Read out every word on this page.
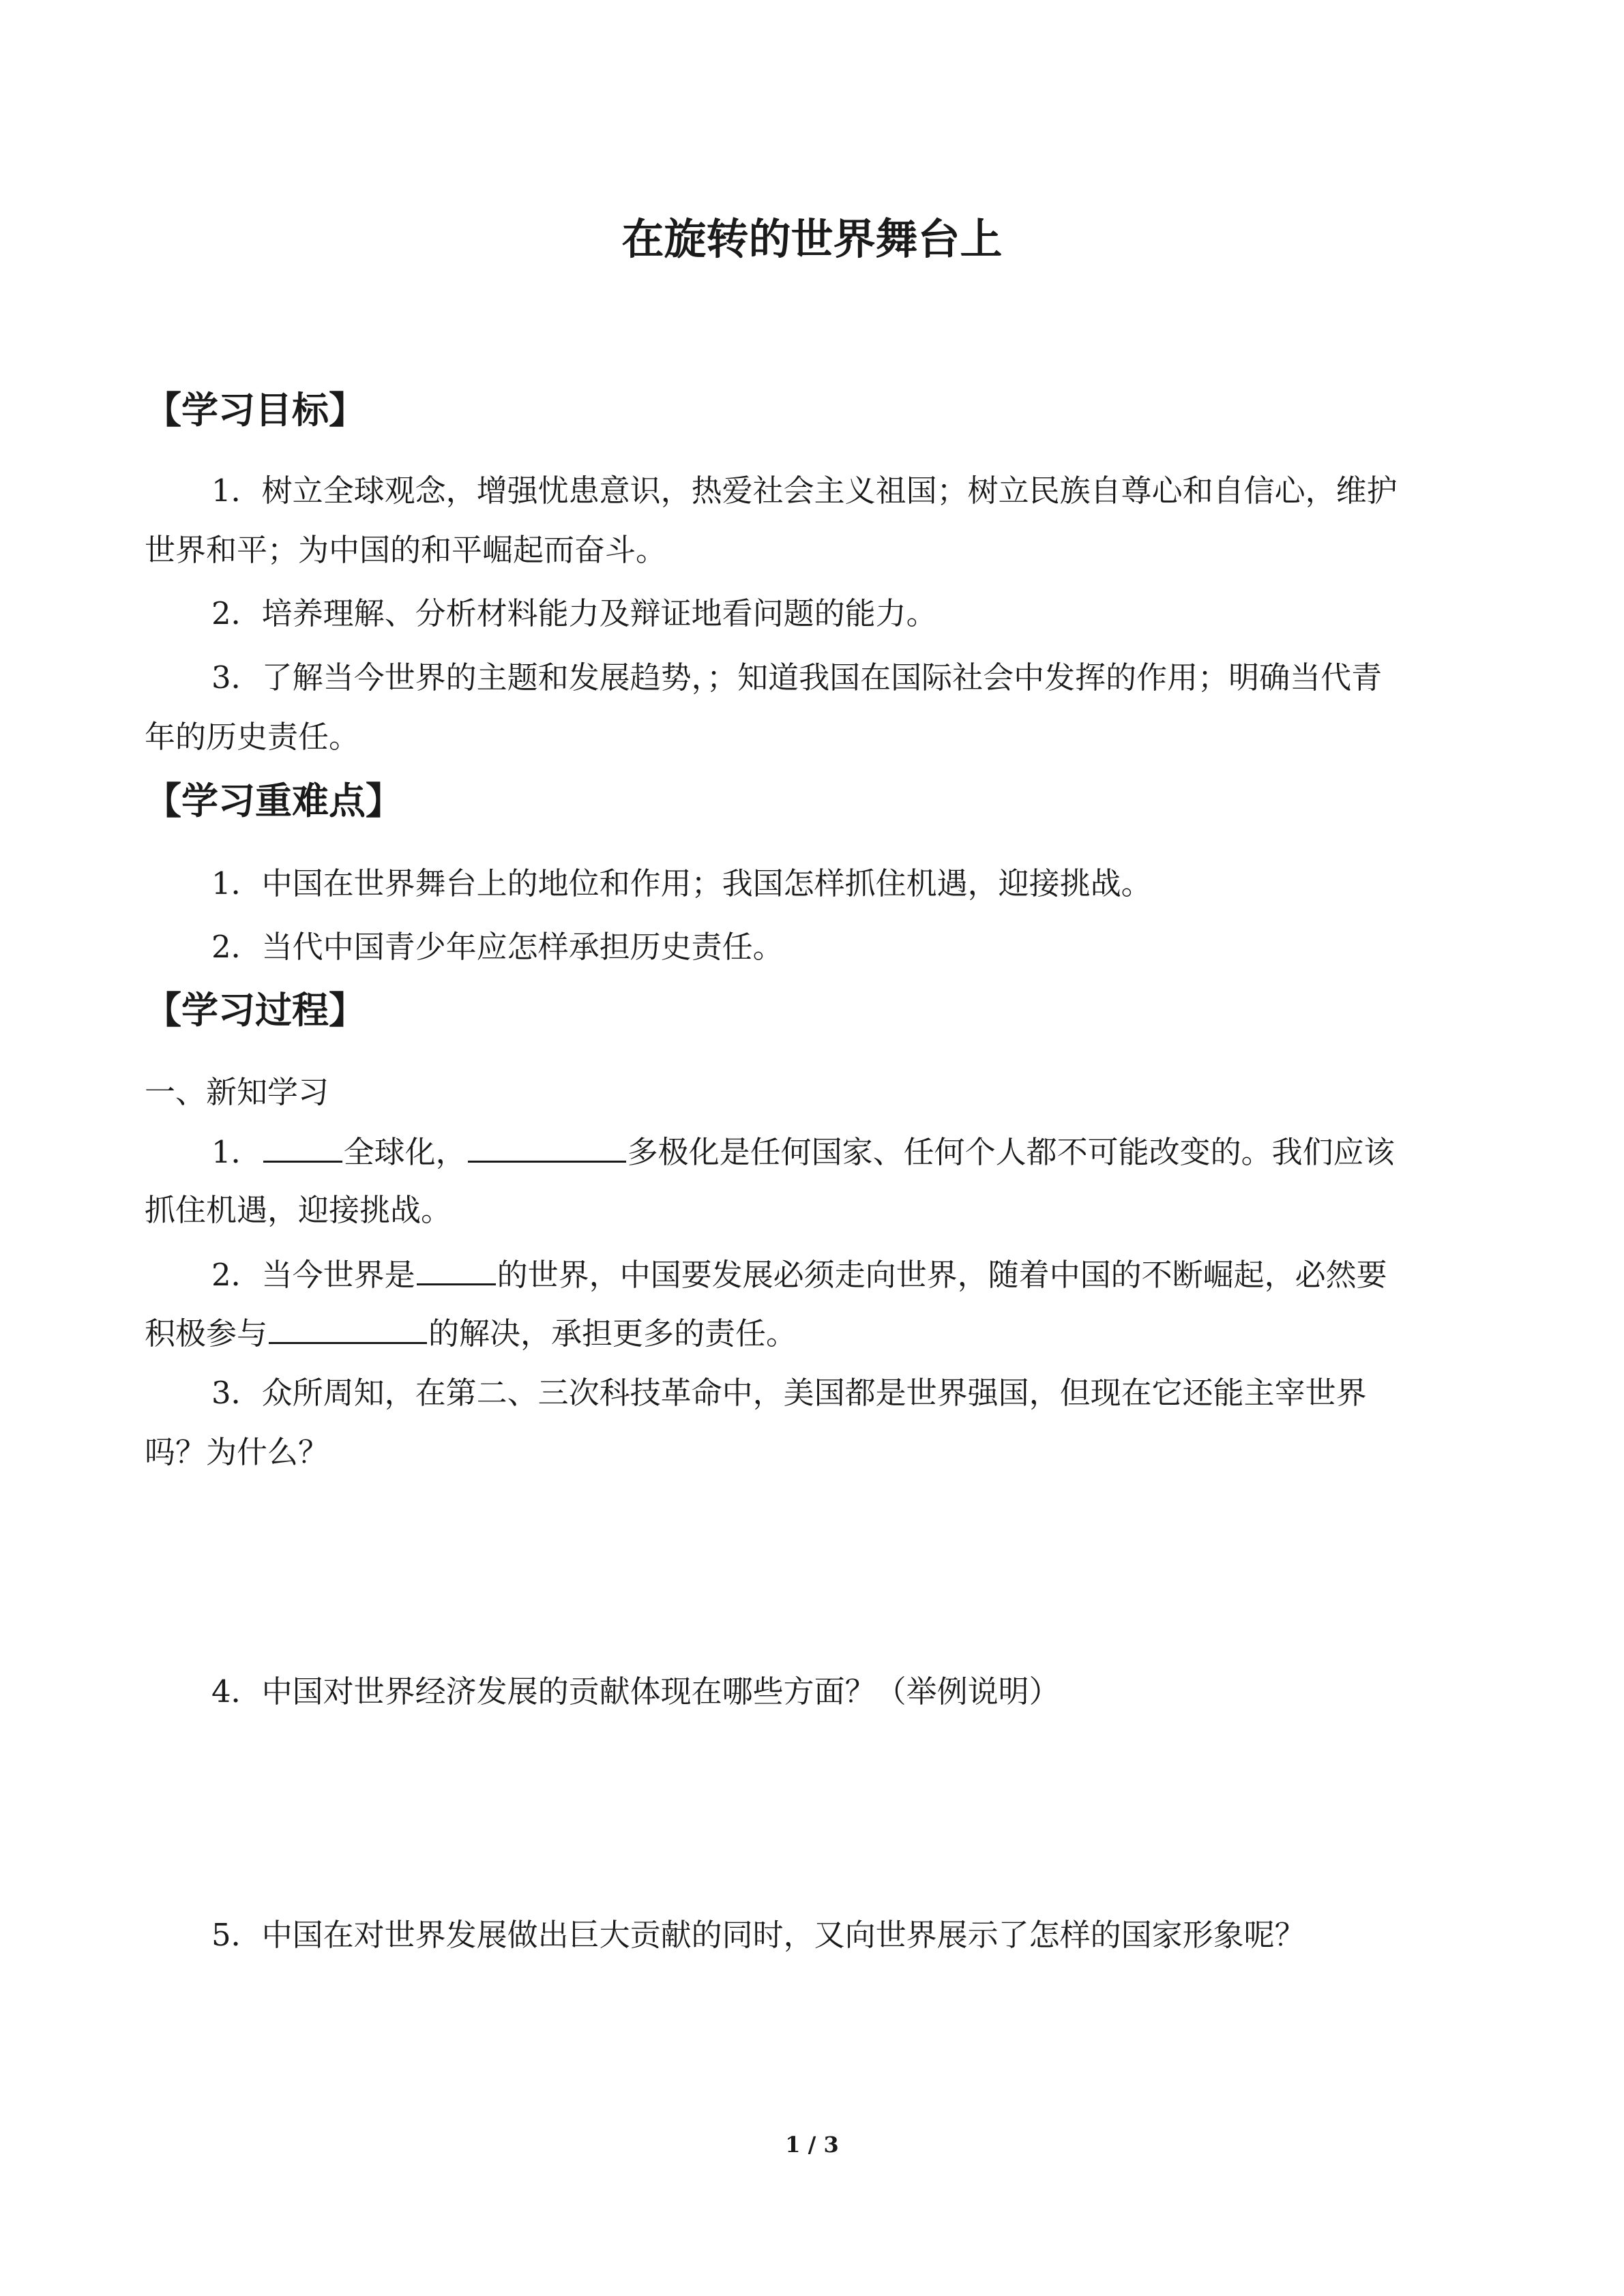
在旋转的世界舞台上
【学习目标】
1．树立全球观念，增强忧患意识，热爱社会主义祖国；树立民族自尊心和自信心，维护
世界和平；为中国的和平崛起而奋斗。
2．培养理解、分析材料能力及辩证地看问题的能力。
3．了解当今世界的主题和发展趋势，；知道我国在国际社会中发挥的作用；明确当代青
年的历史责任。
【学习重难点】
1．中国在世界舞台上的地位和作用；我国怎样抓住机遇，迎接挑战。
2．当代中国青少年应怎样承担历史责任。
【学习过程】
一、新知学习
1．	全球化，	多极化是任何国家、任何个人都不可能改变的。我们应该
抓住机遇，迎接挑战。
2．当今世界是	的世界，中国要发展必须走向世界，随着中国的不断崛起，必然要
积极参与	的解决，承担更多的责任。
3．众所周知，在第二、三次科技革命中，美国都是世界强国，但现在它还能主宰世界
吗？为什么？
4．中国对世界经济发展的贡献体现在哪些方面？（举例说明）
5．中国在对世界发展做出巨大贡献的同时，又向世界展示了怎样的国家形象呢？
1 / 3
